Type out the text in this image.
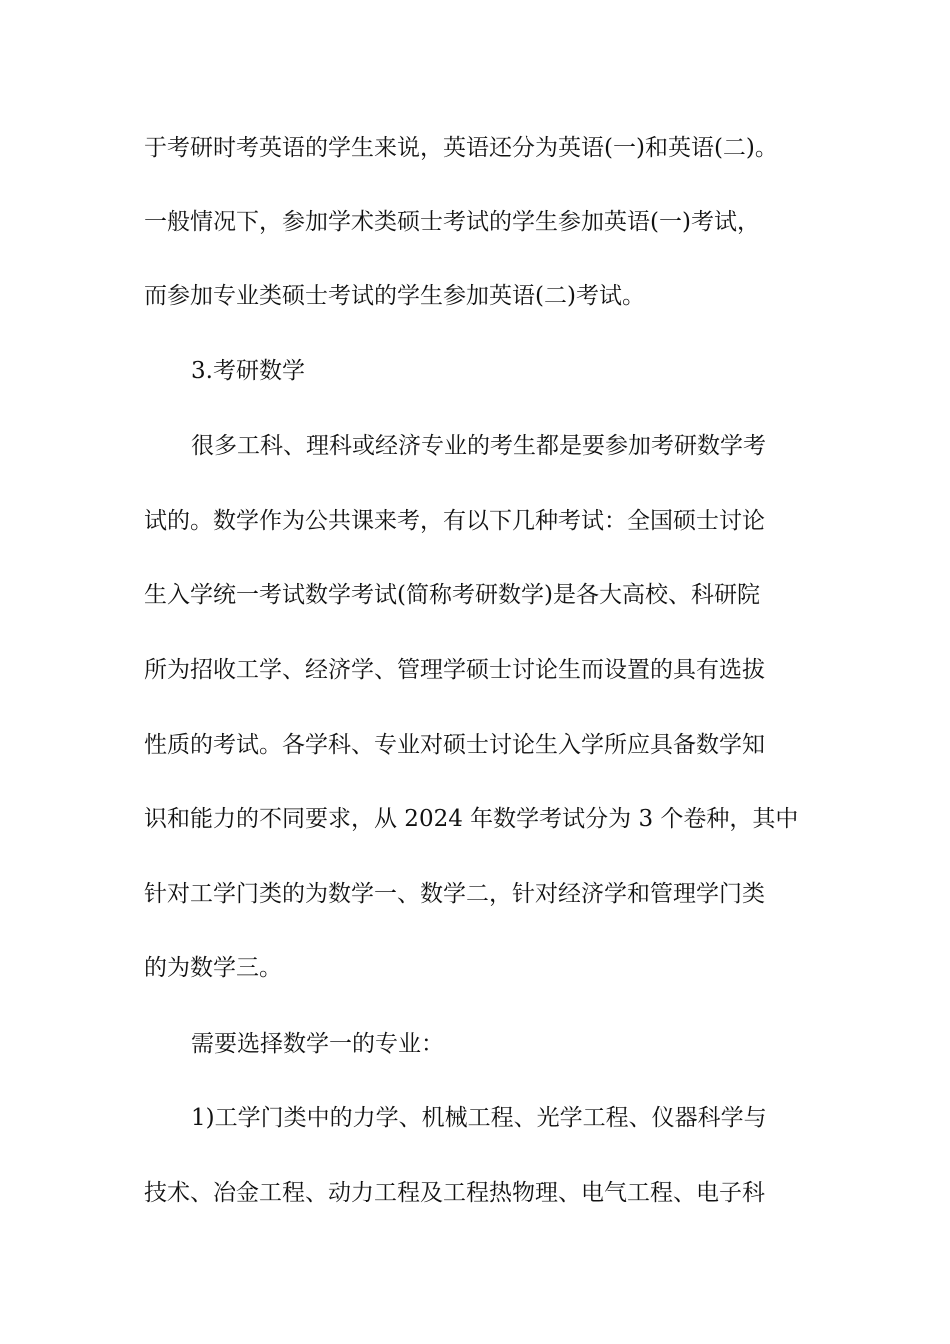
于考研时考英语的学生来说，英语还分为英语(一)和英语(二)。
一般情况下，参加学术类硕士考试的学生参加英语(一)考试，
而参加专业类硕士考试的学生参加英语(二)考试。
3.考研数学
很多工科、理科或经济专业的考生都是要参加考研数学考
试的。数学作为公共课来考，有以下几种考试：全国硕士讨论
生入学统一考试数学考试(简称考研数学)是各大高校、科研院
所为招收工学、经济学、管理学硕士讨论生而设置的具有选拔
性质的考试。各学科、专业对硕士讨论生入学所应具备数学知
识和能力的不同要求，从 2024 年数学考试分为 3 个卷种，其中
针对工学门类的为数学一、数学二，针对经济学和管理学门类
的为数学三。
需要选择数学一的专业：
1)工学门类中的力学、机械工程、光学工程、仪器科学与
技术、冶金工程、动力工程及工程热物理、电气工程、电子科
